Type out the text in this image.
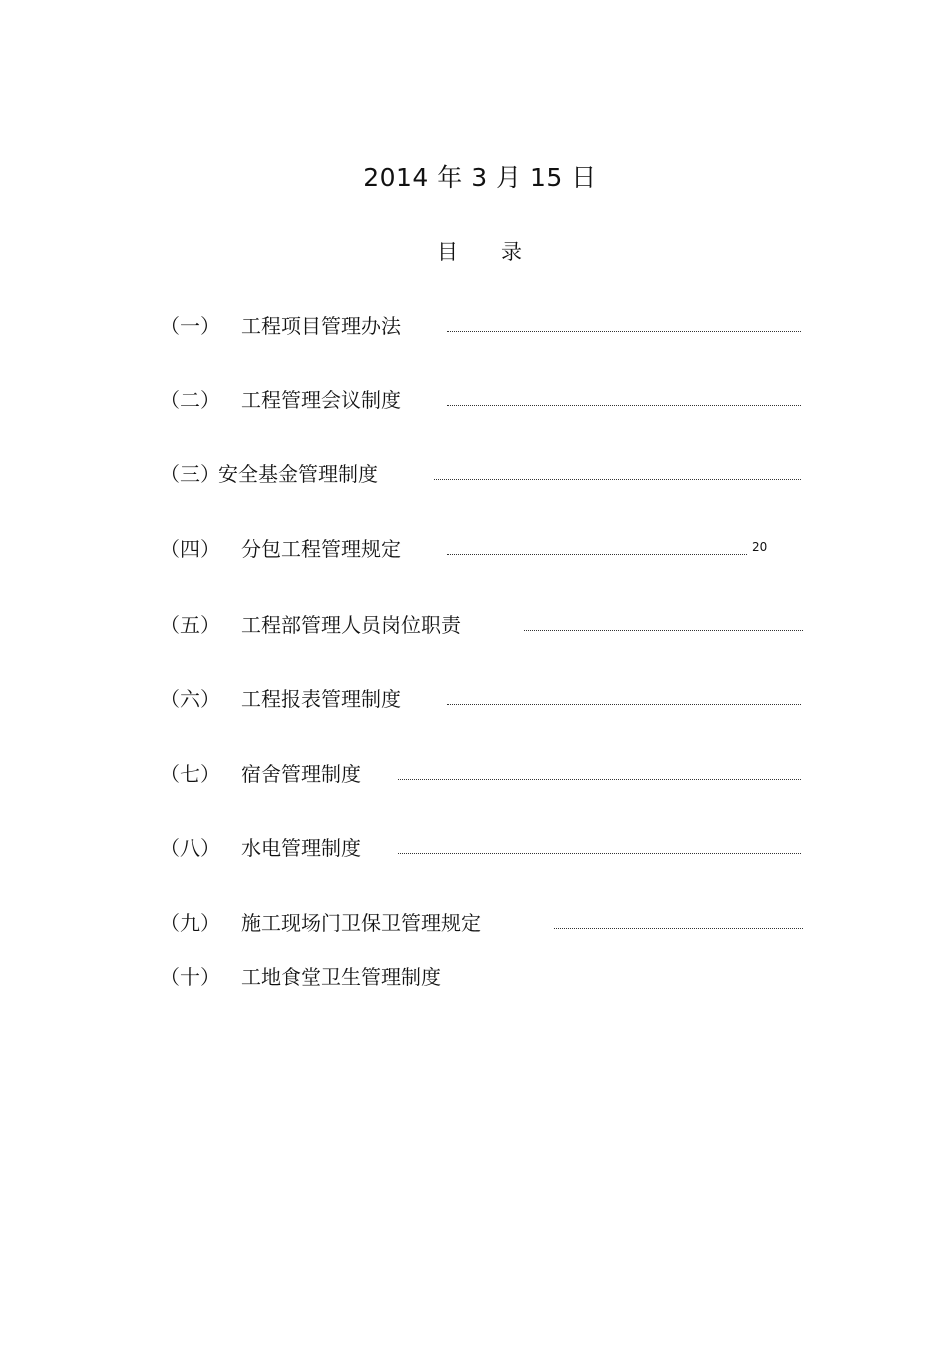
2014 年 3 月 15 日
目 录
（一） 工程项目管理办法
（二） 工程管理会议制度
（三）
安全基金管理制度
（四） 分包工程管理规定	20
（五） 工程部管理人员岗位职责
（六） 工程报表管理制度
（七） 宿舍管理制度
（八） 水电管理制度
（九） 施工现场门卫保卫管理规定
（十） 工地食堂卫生管理制度
